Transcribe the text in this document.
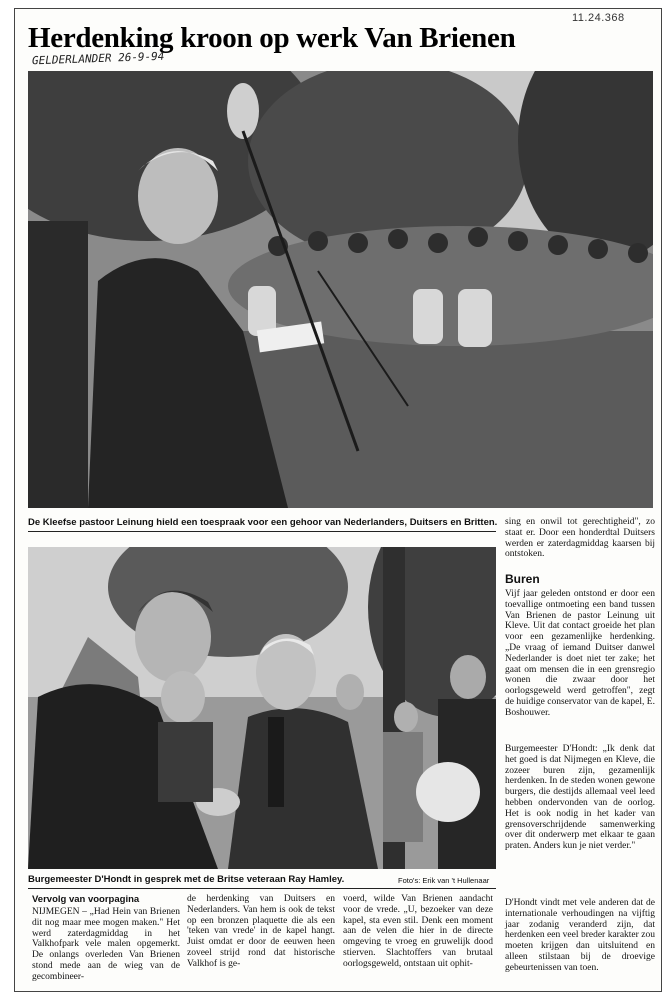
11.24.368
Herdenking kroon op werk Van Brienen
GELDERLANDER 26-9-94
De Kleefse pastoor Leinung hield een toespraak voor een gehoor van Nederlanders, Duitsers en Britten.
Burgemeester D'Hondt in gesprek met de Britse veteraan Ray Hamley.	Foto's: Erik van 't Hullenaar
sing en onwil tot gerechtigheid", zo staat er. Door een honderdtal Duitsers werden er zaterdagmiddag kaarsen bij ontstoken.
Buren
Vijf jaar geleden ontstond er door een toevallige ontmoeting een band tussen Van Brienen de pastor Leinung uit Kleve. Uit dat contact groeide het plan voor een gezamenlijke herdenking. „De vraag of iemand Duitser danwel Nederlander is doet niet ter zake; het gaat om mensen die in een grensregio wonen die zwaar door het oorlogsgeweld werd getroffen", zegt de huidige conservator van de kapel, E. Boshouwer.
Burgemeester D'Hondt: „Ik denk dat het goed is dat Nijmegen en Kleve, die zozeer buren zijn, gezamenlijk herdenken. In de steden wonen gewone burgers, die destijds allemaal veel leed hebben ondervonden van de oorlog. Het is ook nodig in het kader van grensoverschrijdende samenwerking over dit onderwerp met elkaar te gaan praten. Anders kun je niet verder."
D'Hondt vindt met vele anderen dat de internationale verhoudingen na vijftig jaar zodanig veranderd zijn, dat herdenken een veel breder karakter zou moeten krijgen dan uitsluitend en alleen stilstaan bij de droevige gebeurtenissen van toen.
Vervolg van voorpagina
NIJMEGEN – „Had Hein van Brienen dit nog maar mee mogen maken." Het werd zaterdagmiddag in het Valkhofpark vele malen opgemerkt. De onlangs overleden Van Brienen stond mede aan de wieg van de gecombineer-
de herdenking van Duitsers en Nederlanders. Van hem is ook de tekst op een bronzen plaquette die als een 'teken van vrede' in de kapel hangt. Juist omdat er door de eeuwen heen zoveel strijd rond dat historische Valkhof is ge-
voerd, wilde Van Brienen aandacht voor de vrede. „U, bezoeker van deze kapel, sta even stil. Denk een moment aan de velen die hier in de directe omgeving te vroeg en gruwelijk dood stierven. Slachtoffers van brutaal oorlogsgeweld, ontstaan uit ophit-
